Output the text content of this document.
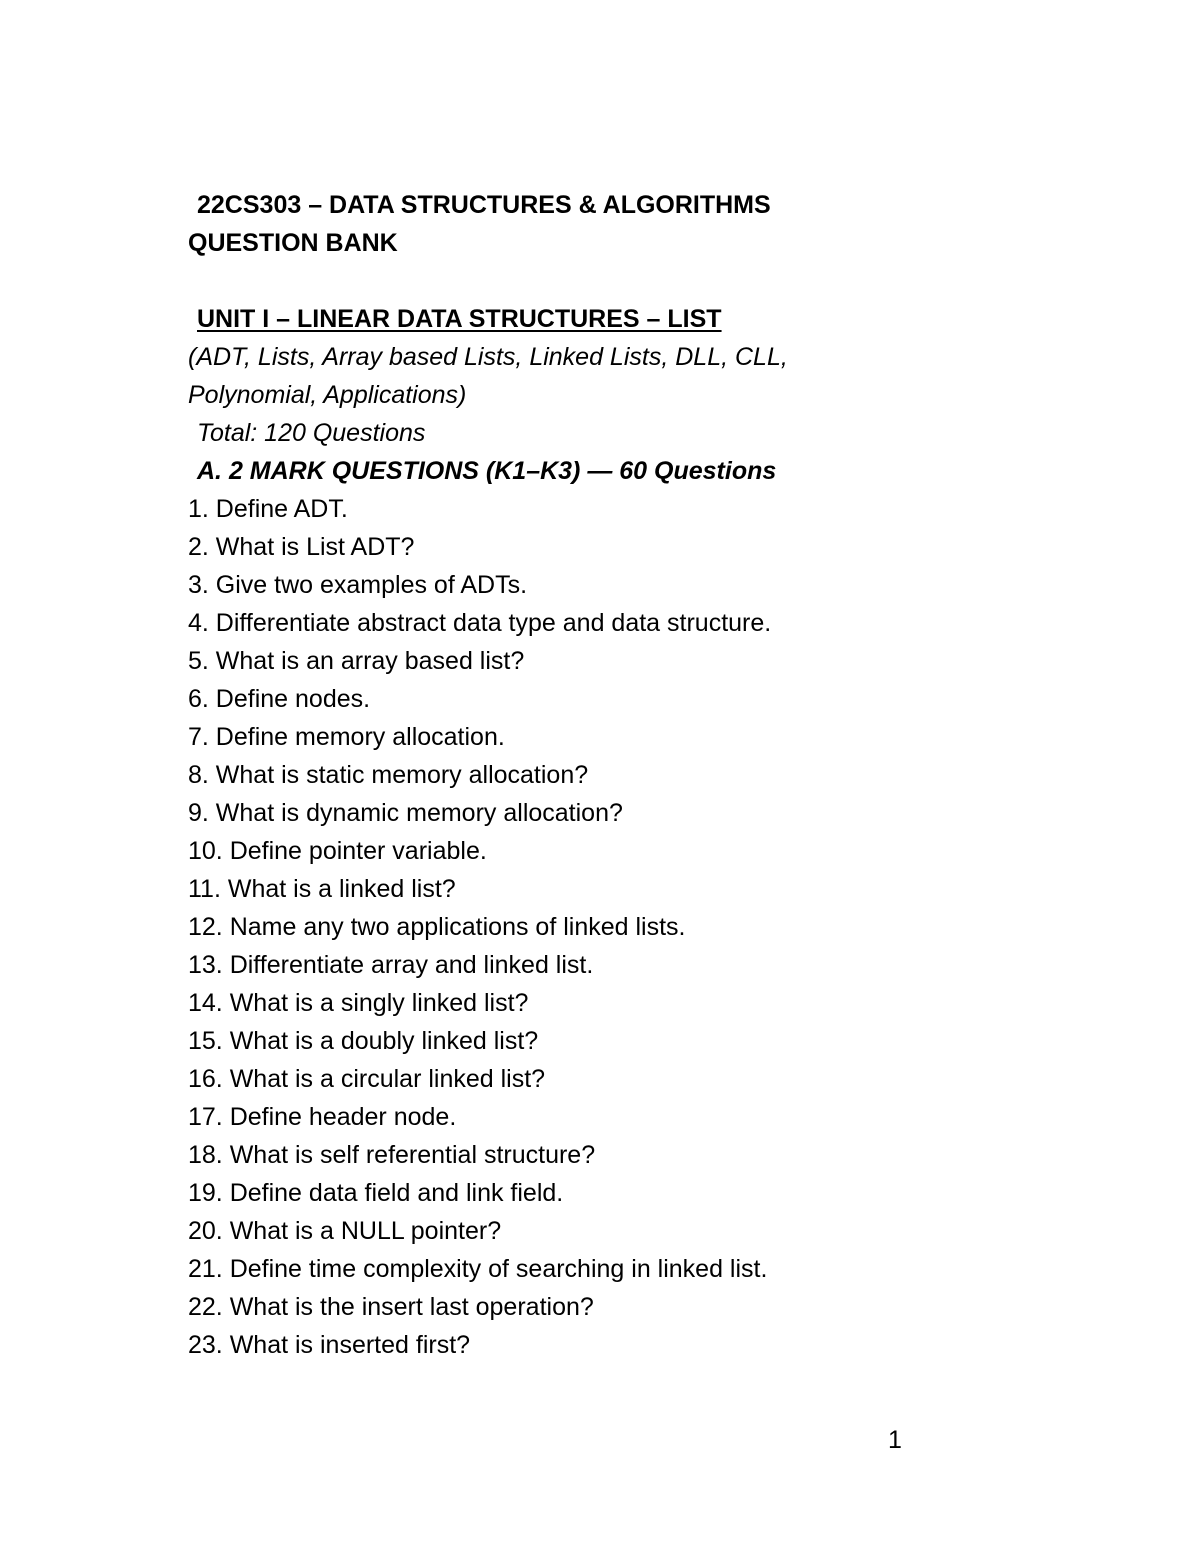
22CS303 – DATA STRUCTURES & ALGORITHMS
QUESTION BANK
UNIT I – LINEAR DATA STRUCTURES – LIST
(ADT, Lists, Array based Lists, Linked Lists, DLL, CLL,
Polynomial, Applications)
Total: 120 Questions
A. 2 MARK QUESTIONS (K1–K3) — 60 Questions
1. Define ADT.
2. What is List ADT?
3. Give two examples of ADTs.
4. Differentiate abstract data type and data structure.
5. What is an array based list?
6. Define nodes.
7. Define memory allocation.
8. What is static memory allocation?
9. What is dynamic memory allocation?
10. Define pointer variable.
11. What is a linked list?
12. Name any two applications of linked lists.
13. Differentiate array and linked list.
14. What is a singly linked list?
15. What is a doubly linked list?
16. What is a circular linked list?
17. Define header node.
18. What is self referential structure?
19. Define data field and link field.
20. What is a NULL pointer?
21. Define time complexity of searching in linked list.
22. What is the insert last operation?
23. What is inserted first?
1
